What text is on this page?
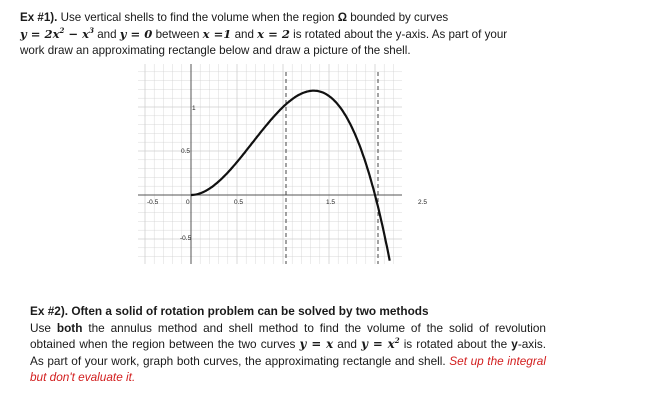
Ex #1). Use vertical shells to find the volume when the region Ω bounded by curves
$y = 2x^2 - x^3$ and y = 0 between x =1 and x = 2 is rotated about the y-axis. As part of your work draw an approximating rectangle below and draw a picture of the shell.
-0.5	0	0.5	1.5	2.5
1
0.5
-0.5
Ex #2). Often a solid of rotation problem can be solved by two methods
Use both the annulus method and shell method to find the volume of the solid of revolution obtained when the region between the two curves y = x and $y = x^2$ is rotated about the y-axis. As part of your work, graph both curves, the approximating rectangle and shell. Set up the integral but don't evaluate it.
